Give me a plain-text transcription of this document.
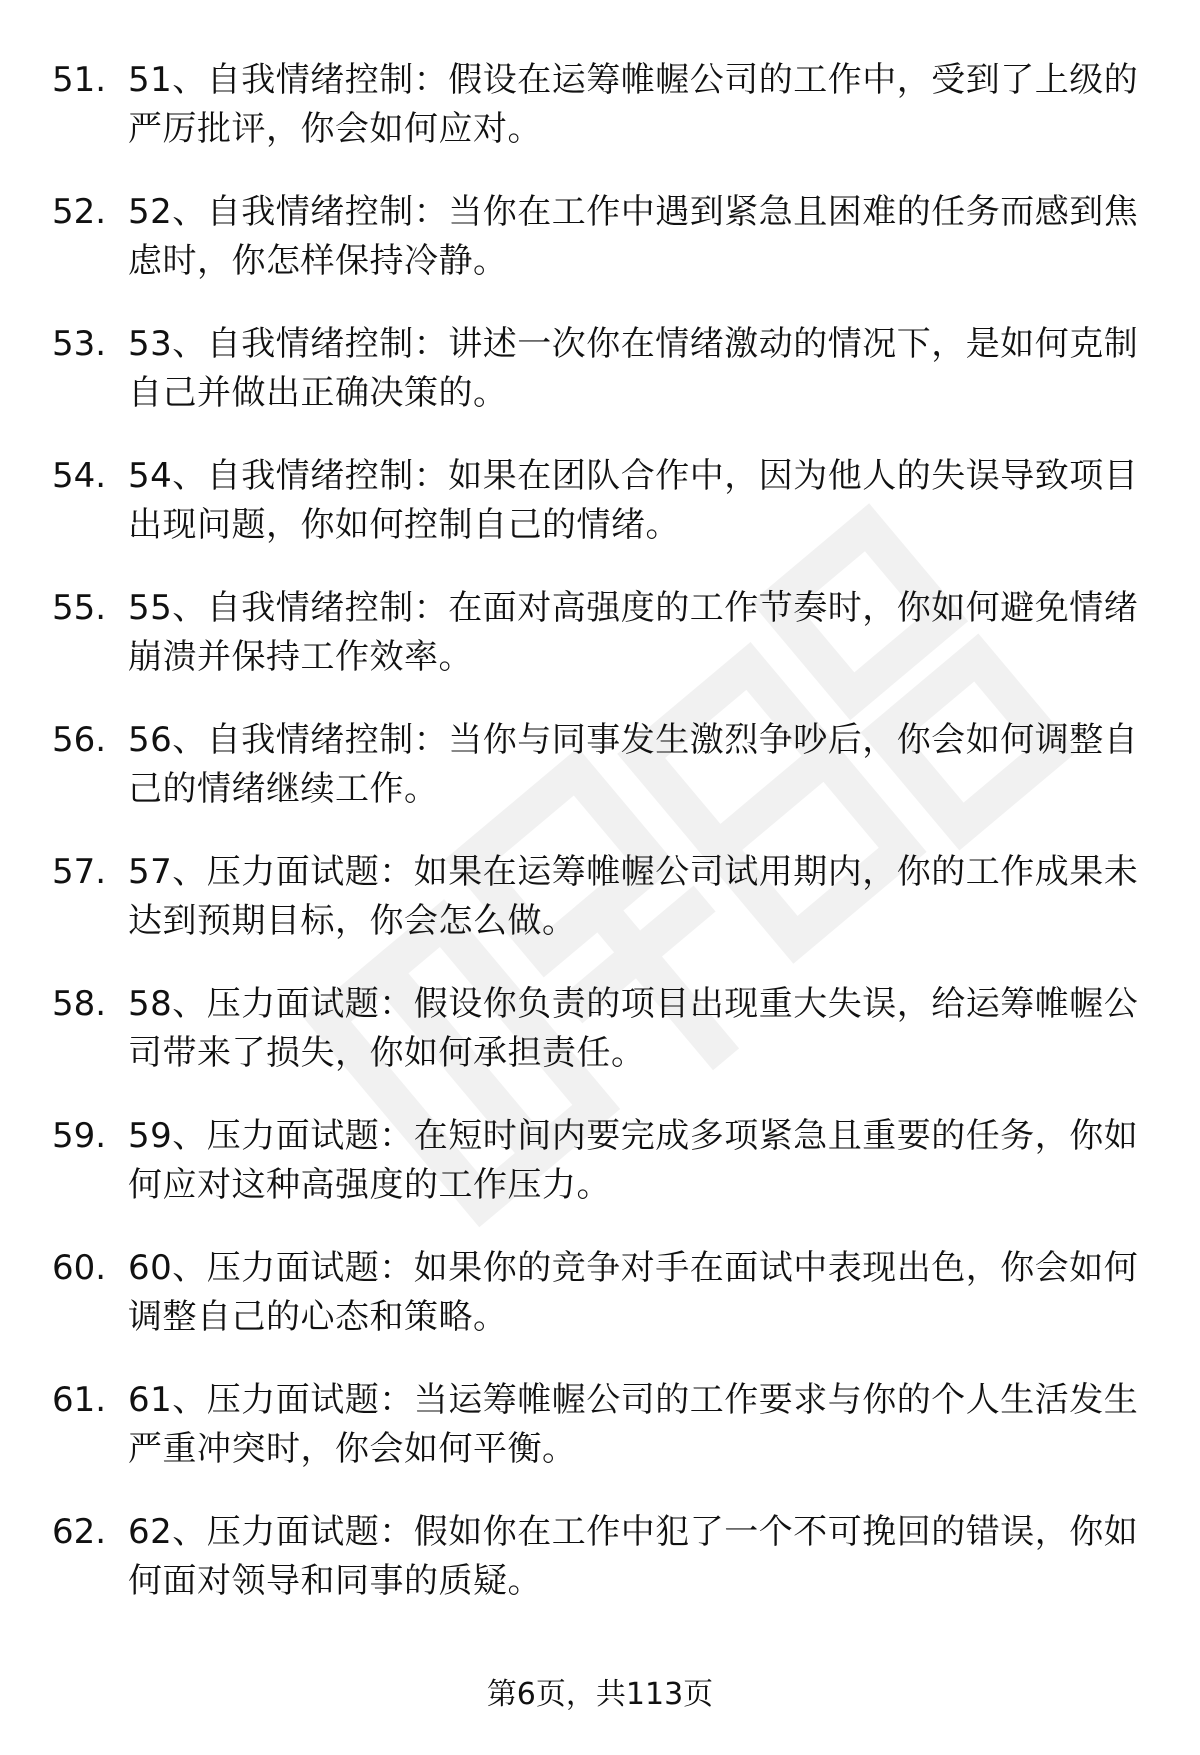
51. 51、自我情绪控制：假设在运筹帷幄公司的工作中，受到了上级的严厉批评，你会如何应对。
52. 52、自我情绪控制：当你在工作中遇到紧急且困难的任务而感到焦虑时，你怎样保持冷静。
53. 53、自我情绪控制：讲述一次你在情绪激动的情况下，是如何克制自己并做出正确决策的。
54. 54、自我情绪控制：如果在团队合作中，因为他人的失误导致项目出现问题，你如何控制自己的情绪。
55. 55、自我情绪控制：在面对高强度的工作节奏时，你如何避免情绪崩溃并保持工作效率。
56. 56、自我情绪控制：当你与同事发生激烈争吵后，你会如何调整自己的情绪继续工作。
57. 57、压力面试题：如果在运筹帷幄公司试用期内，你的工作成果未达到预期目标，你会怎么做。
58. 58、压力面试题：假设你负责的项目出现重大失误，给运筹帷幄公司带来了损失，你如何承担责任。
59. 59、压力面试题：在短时间内要完成多项紧急且重要的任务，你如何应对这种高强度的工作压力。
60. 60、压力面试题：如果你的竞争对手在面试中表现出色，你会如何调整自己的心态和策略。
61. 61、压力面试题：当运筹帷幄公司的工作要求与你的个人生活发生严重冲突时，你会如何平衡。
62. 62、压力面试题：假如你在工作中犯了一个不可挽回的错误，你如何面对领导和同事的质疑。
第6页，共113页
